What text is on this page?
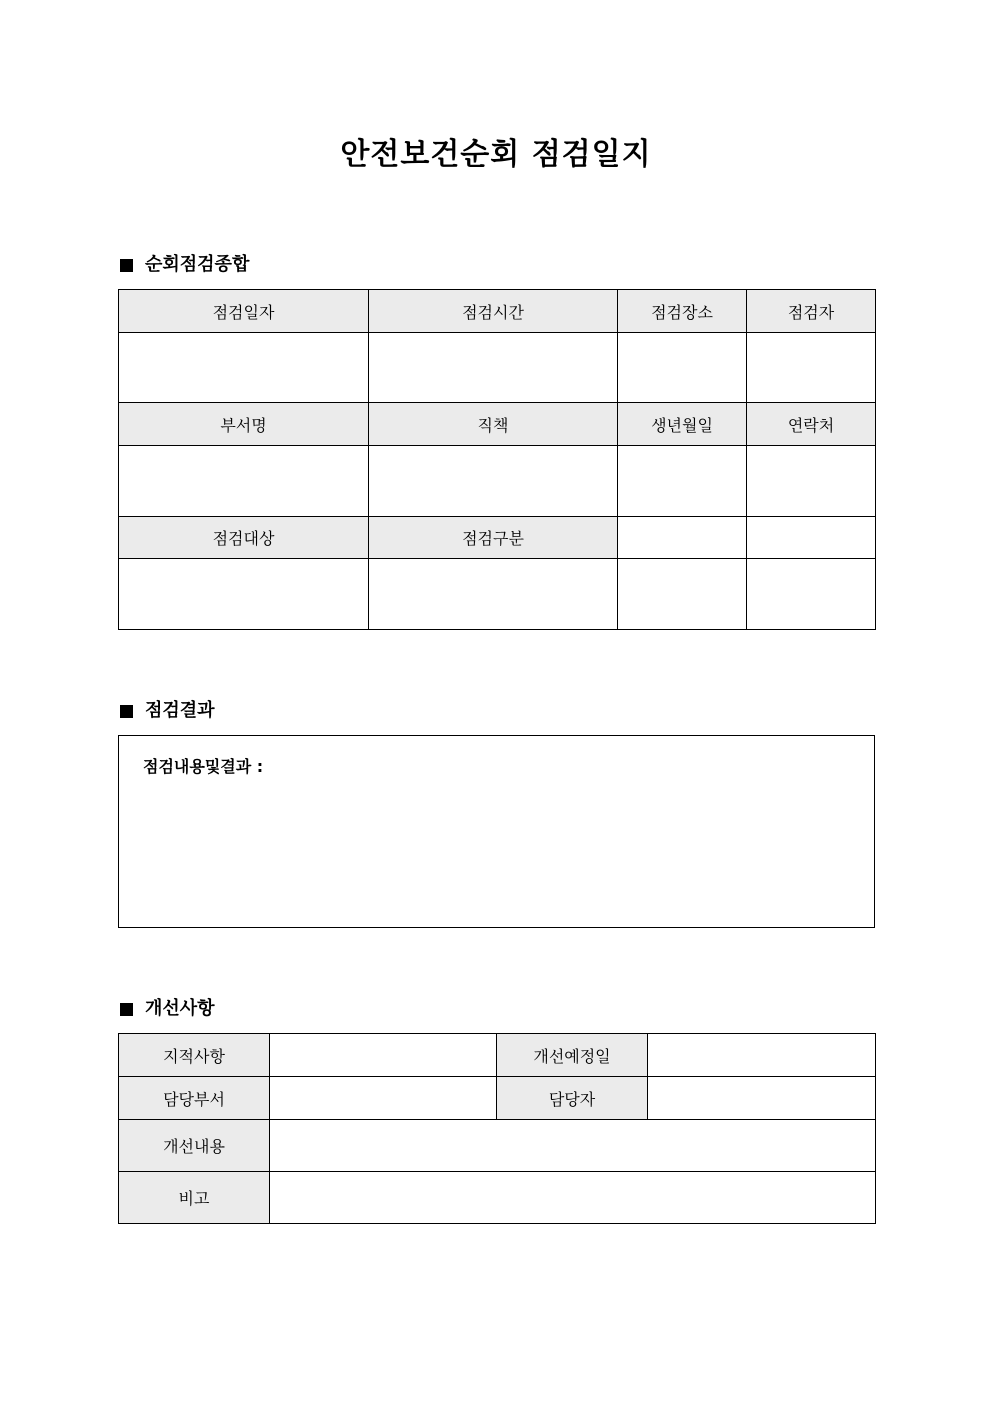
안전보건순회 점검일지
순회점검종합
점검일자	점검시간	점검장소	점검자

부서명	직책	생년월일	연락처

점검대상	점검구분		

점검결과
점검내용및결과 :
개선사항
지적사항		개선예정일	
담당부서		담당자	
개선내용			
비고			
